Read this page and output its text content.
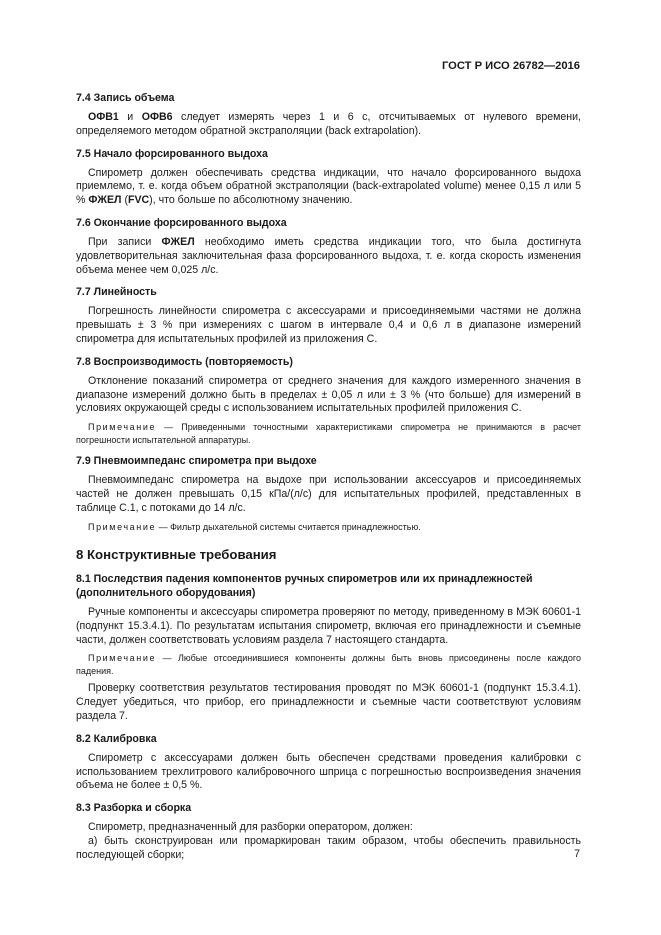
ГОСТ Р ИСО 26782—2016
7.4 Запись объема

ОФВ1 и ОФВ6 следует измерять через 1 и 6 с, отсчитываемых от нулевого времени, определяемого методом обратной экстраполяции (back extrapolation).

7.5 Начало форсированного выдоха

Спирометр должен обеспечивать средства индикации, что начало форсированного выдоха приемлемо, т. е. когда объем обратной экстраполяции (back-extrapolated volume) менее 0,15 л или 5 % ФЖЕЛ (FVC), что больше по абсолютному значению.

7.6 Окончание форсированного выдоха

При записи ФЖЕЛ необходимо иметь средства индикации того, что была достигнута удовлетворительная заключительная фаза форсированного выдоха, т. е. когда скорость изменения объема менее чем 0,025 л/с.

7.7 Линейность

Погрешность линейности спирометра с аксессуарами и присоединяемыми частями не должна превышать ± 3 % при измерениях с шагом в интервале 0,4 и 0,6 л в диапазоне измерений спирометра для испытательных профилей из приложения С.

7.8 Воспроизводимость (повторяемость)

Отклонение показаний спирометра от среднего значения для каждого измеренного значения в диапазоне измерений должно быть в пределах ± 0,05 л или ± 3 % (что больше) для измерений в условиях окружающей среды с использованием испытательных профилей приложения С.

Примечание — Приведенными точностными характеристиками спирометра не принимаются в расчет погрешности испытательной аппаратуры.
7.9 Пневмоимпеданс спирометра при выдохе

Пневмоимпеданс спирометра на выдохе при использовании аксессуаров и присоединяемых частей не должен превышать 0,15 кПа/(л/с) для испытательных профилей, представленных в таблице С.1, с потоками до 14 л/с.

Примечание — Фильтр дыхательной системы считается принадлежностью.
8 Конструктивные требования
8.1 Последствия падения компонентов ручных спирометров или их принадлежностей (дополнительного оборудования)

Ручные компоненты и аксессуары спирометра проверяют по методу, приведенному в МЭК 60601-1 (подпункт 15.3.4.1). По результатам испытания спирометр, включая его принадлежности и съемные части, должен соответствовать условиям раздела 7 настоящего стандарта.

Примечание — Любые отсоединившиеся компоненты должны быть вновь присоединены после каждого падения.

Проверку соответствия результатов тестирования проводят по МЭК 60601-1 (подпункт 15.3.4.1). Следует убедиться, что прибор, его принадлежности и съемные части соответствуют условиям раздела 7.

8.2 Калибровка

Спирометр с аксессуарами должен быть обеспечен средствами проведения калибровки с использованием трехлитрового калибровочного шприца с погрешностью воспроизведения значения объема не более ± 0,5 %.

8.3 Разборка и сборка

Спирометр, предназначенный для разборки оператором, должен:

а) быть сконструирован или промаркирован таким образом, чтобы обеспечить правильность последующей сборки;	7
